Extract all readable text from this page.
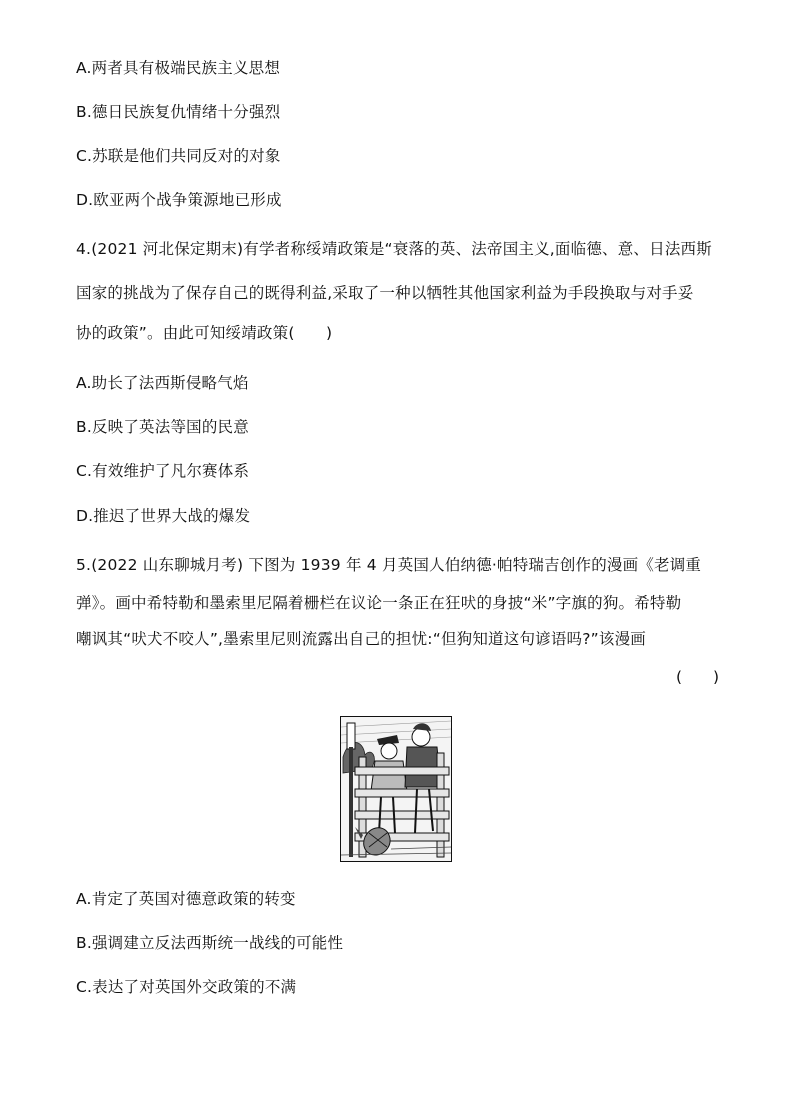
A.两者具有极端民族主义思想
B.德日民族复仇情绪十分强烈
C.苏联是他们共同反对的对象
D.欧亚两个战争策源地已形成
4.(2021 河北保定期末)有学者称绥靖政策是“衰落的英、法帝国主义,面临德、意、日法西斯
国家的挑战为了保存自己的既得利益,采取了一种以牺牲其他国家利益为手段换取与对手妥
协的政策”。由此可知绥靖政策(　　)
A.助长了法西斯侵略气焰
B.反映了英法等国的民意
C.有效维护了凡尔赛体系
D.推迟了世界大战的爆发
5.(2022 山东聊城月考) 下图为 1939 年 4 月英国人伯纳德·帕特瑞吉创作的漫画《老调重
弹》。画中希特勒和墨索里尼隔着栅栏在议论一条正在狂吠的身披“米”字旗的狗。希特勒
嘲讽其“吠犬不咬人”,墨索里尼则流露出自己的担忧:“但狗知道这句谚语吗?”该漫画
(　　)
A.肯定了英国对德意政策的转变
B.强调建立反法西斯统一战线的可能性
C.表达了对英国外交政策的不满
